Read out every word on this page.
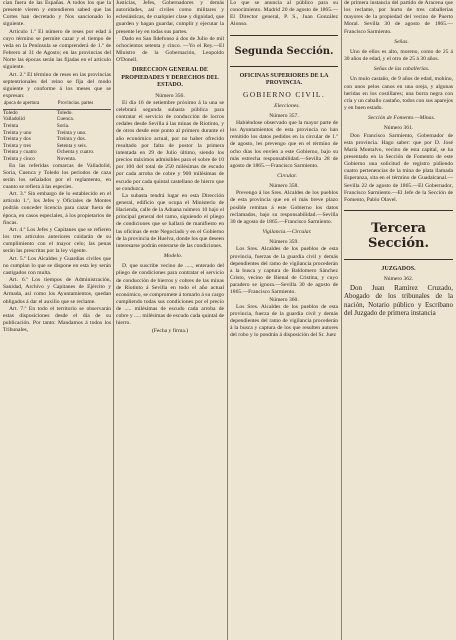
cian fuera de las Españas. A todos los que la presente vieren y entendieren sabed que las Cortes han decretado y Nos sancionado lo siguiente.

Artículo 1.º El número de reses por edad á cuyo término se permite cazar y el tiempo de veda en la Península se comprenderá de 1.º de Febrero al 31 de Agosto; en las provincias del Norte las épocas serán las fijadas en el artículo siguiente.

Art. 2.º El término de reses en las provincias septentrionales del reino se fija del modo siguiente y conforme á los meses que se expresan:

ápoca de apertura	Provincias. partes
Toledo	Toledo.
Valladolid	Cuenca.
Treinta	Soria.
Treinta y uno	Treinta y uno.
Treinta y dos	Treinta y dos.
Treinta y tres	Setenta y seis.
Treinta y cuatro	Ochenta y cuatro.
Treinta y cinco	Noventa.

En las referidas comarcas de Valladolid, Soria, Cuenca y Toledo los periodos de caza serán los señalados por el reglamento, en cuanto se refiera á las especies.

Art. 3.º Sin embargo de lo establecido en el artículo 1.º, los Jefes y Oficiales de Montes podrán conceder licencia para cazar fuera de época, en casos especiales, á los propietarios de fincas.

Art. 4.º Los Jefes y Capitanes que se refieren los tres artículos anteriores cuidarán de su cumplimiento con el mayor celo; las penas serán las prescritas por la ley vigente.

Art. 5.º Los Alcaldes y Guardias civiles que no cumplan lo que se dispone en esta ley serán castigados con multa.

Art. 6.º Los tiempos de Administración, Sanidad, Archivo y Capitanes de Ejército y Armada, así como los Ayuntamientos, quedan obligados á dar el auxilio que se reclame.

Art. 7.º En todo el territorio se observarán estas disposiciones desde el día de su publicación. Por tanto: Mandamos á todos los Tribunales,

Justicias, Jefes, Gobernadores y demás autoridades, así civiles como militares y eclesiásticas, de cualquier clase y dignidad, que guarden y hagan guardar, cumplir y ejecutar la presente ley en todas sus partes.

Dado en San Ildefonso á dos de Julio de mil ochocientos setenta y cinco. —Yo el Rey.—El Ministro de la Gobernación, Leopoldo O'Donell.

DIRECCION GENERAL DE PROPIEDADES Y DERECHOS DEL ESTADO.

Número 356.

El día 16 de setiembre próximo á la una se celebrará segunda subasta pública para contratar el servicio de conducción de locros cedales desde Sevilla á las minas de Riotinto, y de otros desde este punto al primero durante el año económico actual, por no haber ofrecido resultado por falta de postor la primera intentada en 29 de Julio último, siendo los precios máximos admisibles para el sobre de 10 por 100 del total de 250 milésimas de escudo por cada arroba de cobre y 900 milésimas de escudo por cada quintal castellano de hierro que se conduzca.

La subasta tendrá lugar en esta Dirección general, edificio que ocupa el Ministerio de Hacienda, calle de la Aduana número 10 bajo el principal general del ramo, siguiendo el pliego de condiciones que se hallará de manifiesto en las oficinas de este Negociado y en el Gobierno de la provincia de Huelva, donde los que deseen interesarse podrán enterarse de las condiciones.

Modelo.

D. que suscribe vecino de ....., enterado del pliego de condiciones para contratar el servicio de conducción de hierros y cobres de las minas de Riotinto á Sevilla en todo el año actual económico, se compromete á tomarlo á su cargo cumpliendo todas sus condiciones por el precio de ..... milésimas de escudo cada arroba de cobre y ..... milésimas de escudo cada quintal de hierro.

(Fecha y firma.)

Lo que se anuncia al público para su conocimiento. Madrid 20 de agosto de 1865.—El Director general, P. S., Juan González Alonso.

Segunda Sección.
OFICINAS SUPERIORES DE LA PROVINCIA.
GOBIERNO CIVIL.

Elecciones.

Número 357.

Habiéndose observado que la mayor parte de los Ayuntamientos de esta provincia no han remitido los datos pedidos en la circular de 1.º de agosto, les prevengo que en el término de ocho días los envíen a este Gobierno, bajo su más estrecha responsabilidad.—Sevilla 28 de agosto de 1865.—Francisco Sarmiento.

Circular.

Número 358.

Prevengo á los Sres. Alcaldes de los pueblos de esta provincia que en el más breve plazo posible remitan á este Gobierno los datos reclamados, bajo su responsabilidad.—Sevilla 30 de agosto de 1865.—Francisco Sarmiento.

Vigilancia.—Circular.

Número 359.

Los Sres. Alcaldes de los pueblos de esta provincia, fuerzas de la guardia civil y demás dependientes del ramo de vigilancia procederán a la busca y captura de Baldomero Sánchez Cristo, vecino de Bienal de Cristina, y cuyo paradero se ignora.—Sevilla 30 de agosto de 1865.—Francisco Sarmiento.

Número 360.

Los Sres. Alcaldes de los pueblos de esta provincia, fuerza de la guardia civil y demás dependientes del ramo de vigilancia procederán á la busca y captura de los que resulten autores del robo y lo pondrán á disposición del Sr. Juez

de primera instancia del partido de Aracena que los reclame, por hurto de tres caballerías mayores de la propiedad del vecino de Puerto Moral. Sevilla 30 de agosto de 1865.—Francisco Sarmiento.

Señas.

Uno de ellos es alto, moreno, como de 25 á 30 años de edad, y el otro de 25 á 30 años.

Señas de las caballerías.

Un mulo castaño, de 9 años de edad, mohíno, con unos pelos canos en una oreja, y algunas heridas en los costillares; una burra negra con cría y un caballo castaño, todos con sus aparejos y en buen estado.

Sección de Fomento.—Minas.

Número 361.

Don Francisco Sarmiento, Gobernador de esta provincia. Hago saber: que por D. José María Montalvo, vecino de esta capital, se ha presentado en la Sección de Fomento de este Gobierno una solicitud de registro pidiendo cuatro pertenencias de la mina de plata llamada Esperanza, sita en el término de Guadalcanal.—Sevilla 22 de agosto de 1865.—El Gobernador, Francisco Sarmiento.—El Jefe de la Sección de Fomento, Pablo Olavel.

Tercera Sección.
JUZGADOS.

Número 362.

Don Juan Ramírez Cruzado, Abogado de los tribunales de la nación, Notario público y Escribano del Juzgado de primera instancia
